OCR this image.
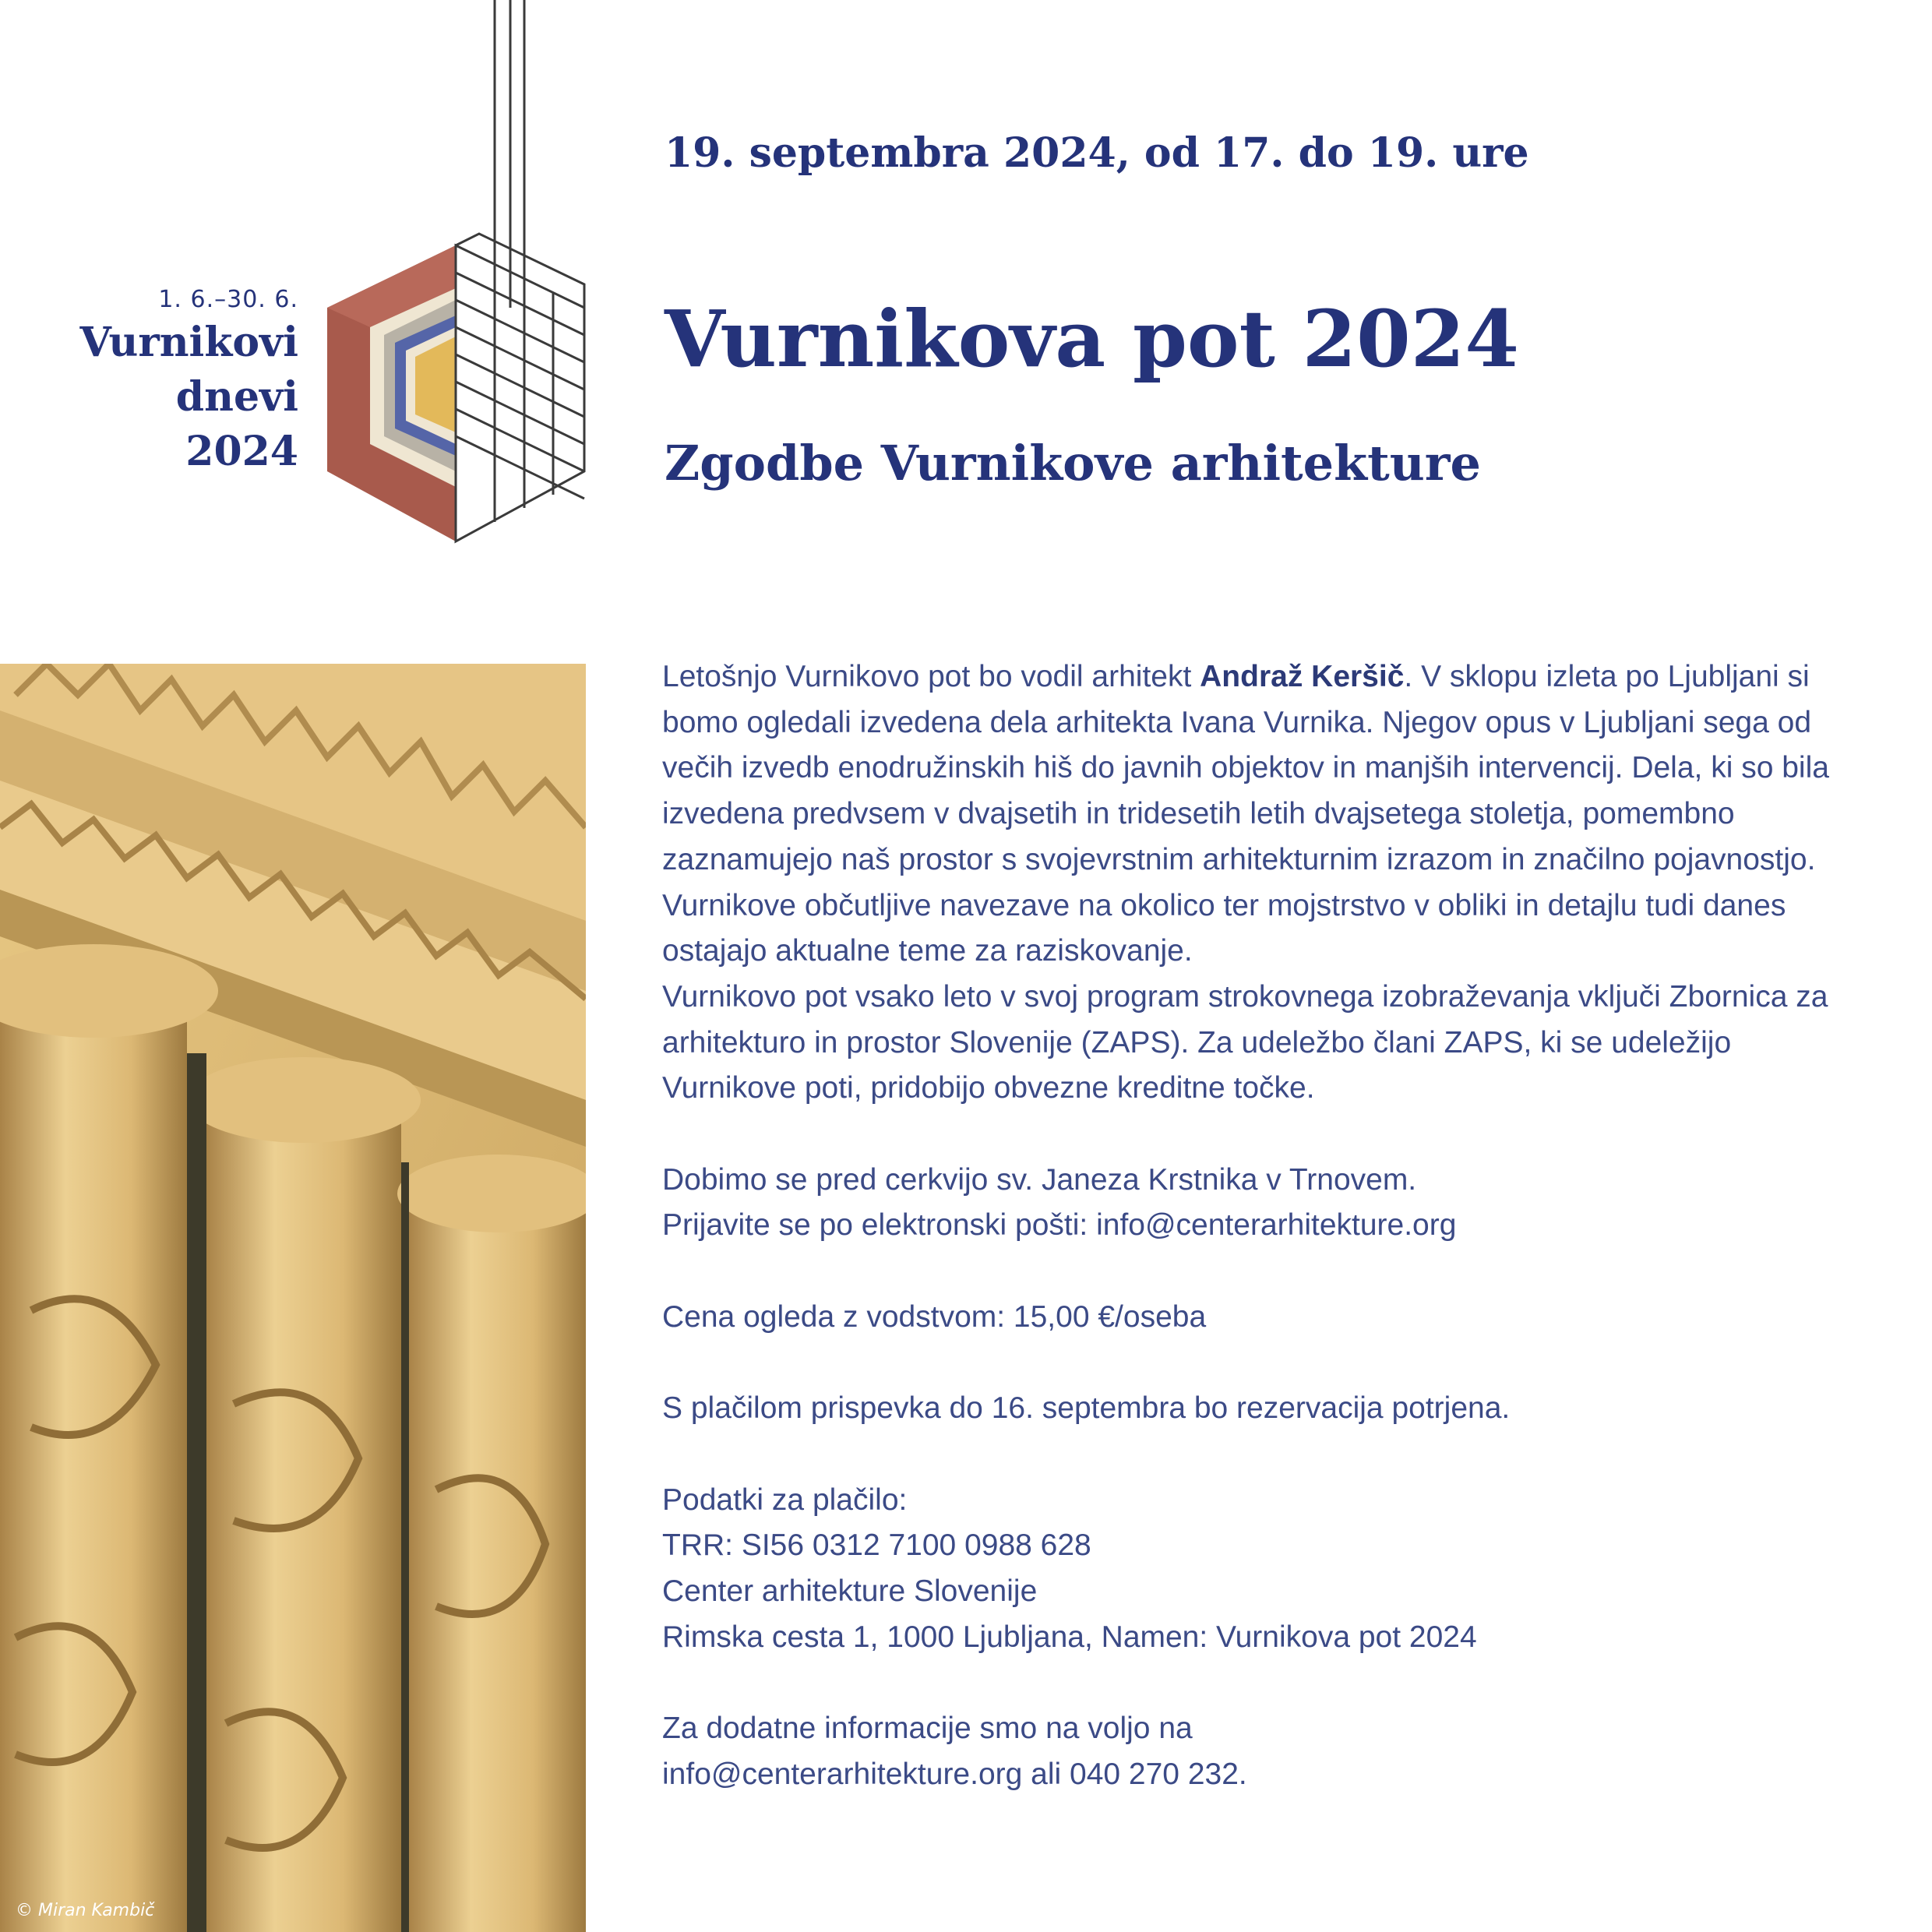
1. 6.–30. 6.
Vurnikovi
dnevi
2024
19. septembra 2024, od 17. do 19. ure
Vurnikova pot 2024
Zgodbe Vurnikove arhitekture
© Miran Kambič

Letošnjo Vurnikovo pot bo vodil arhitekt Andraž Keršič. V sklopu izleta po Ljubljani si bomo ogledali izvedena dela arhitekta Ivana Vurnika. Njegov opus v Ljubljani sega od večih izvedb enodružinskih hiš do javnih objektov in manjših intervencij. Dela, ki so bila izvedena predvsem v dvajsetih in tridesetih letih dvajsetega stoletja, pomembno zaznamujejo naš prostor s svojevrstnim arhitekturnim izrazom in značilno pojavnostjo. Vurnikove občutljive navezave na okolico ter mojstrstvo v obliki in detajlu tudi danes ostajajo aktualne teme za raziskovanje.

Vurnikovo pot vsako leto v svoj program strokovnega izobraževanja vključi Zbornica za arhitekturo in prostor Slovenije (ZAPS). Za udeležbo člani ZAPS, ki se udeležijo Vurnikove poti, pridobijo obvezne kreditne točke.

Dobimo se pred cerkvijo sv. Janeza Krstnika v Trnovem.

Prijavite se po elektronski pošti: info@centerarhitekture.org

Cena ogleda z vodstvom: 15,00 €/oseba

S plačilom prispevka do 16. septembra bo rezervacija potrjena.

Podatki za plačilo:

TRR: SI56 0312 7100 0988 628

Center arhitekture Slovenije

Rimska cesta 1, 1000 Ljubljana, Namen: Vurnikova pot 2024

Za dodatne informacije smo na voljo na

info@centerarhitekture.org ali 040 270 232.
